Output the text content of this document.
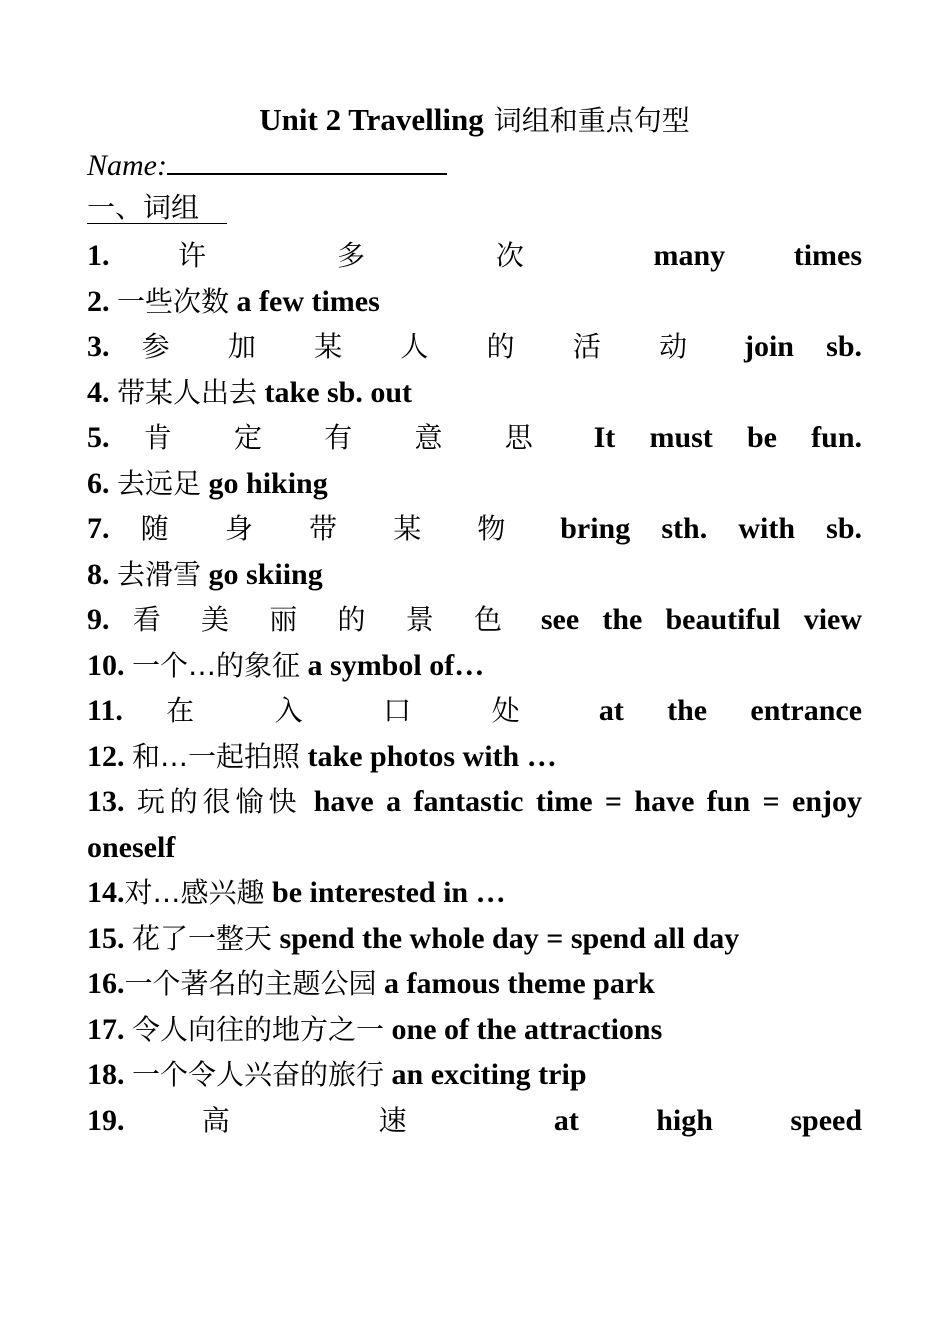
Unit 2 Travelling 词组和重点句型
Name:
一、词组
1. 许 多 次 many times
2. 一些次数 a few times
3. 参 加 某 人 的 活 动 join sb.
4. 带某人出去 take sb. out
5. 肯 定 有 意 思 It must be fun.
6. 去远足 go hiking
7. 随 身 带 某 物 bring sth. with sb.
8. 去滑雪 go skiing
9. 看 美 丽 的 景 色 see the beautiful view
10. 一个…的象征 a symbol of…
11. 在 入 口 处 at the entrance
12. 和…一起拍照 take photos with …
13. 玩的很愉快 have a fantastic time = have fun = enjoy oneself
14.对…感兴趣 be interested in …
15. 花了一整天 spend the whole day = spend all day
16.一个著名的主题公园 a famous theme park
17. 令人向往的地方之一 one of the attractions
18. 一个令人兴奋的旅行 an exciting trip
19.	高 速	at high speed
